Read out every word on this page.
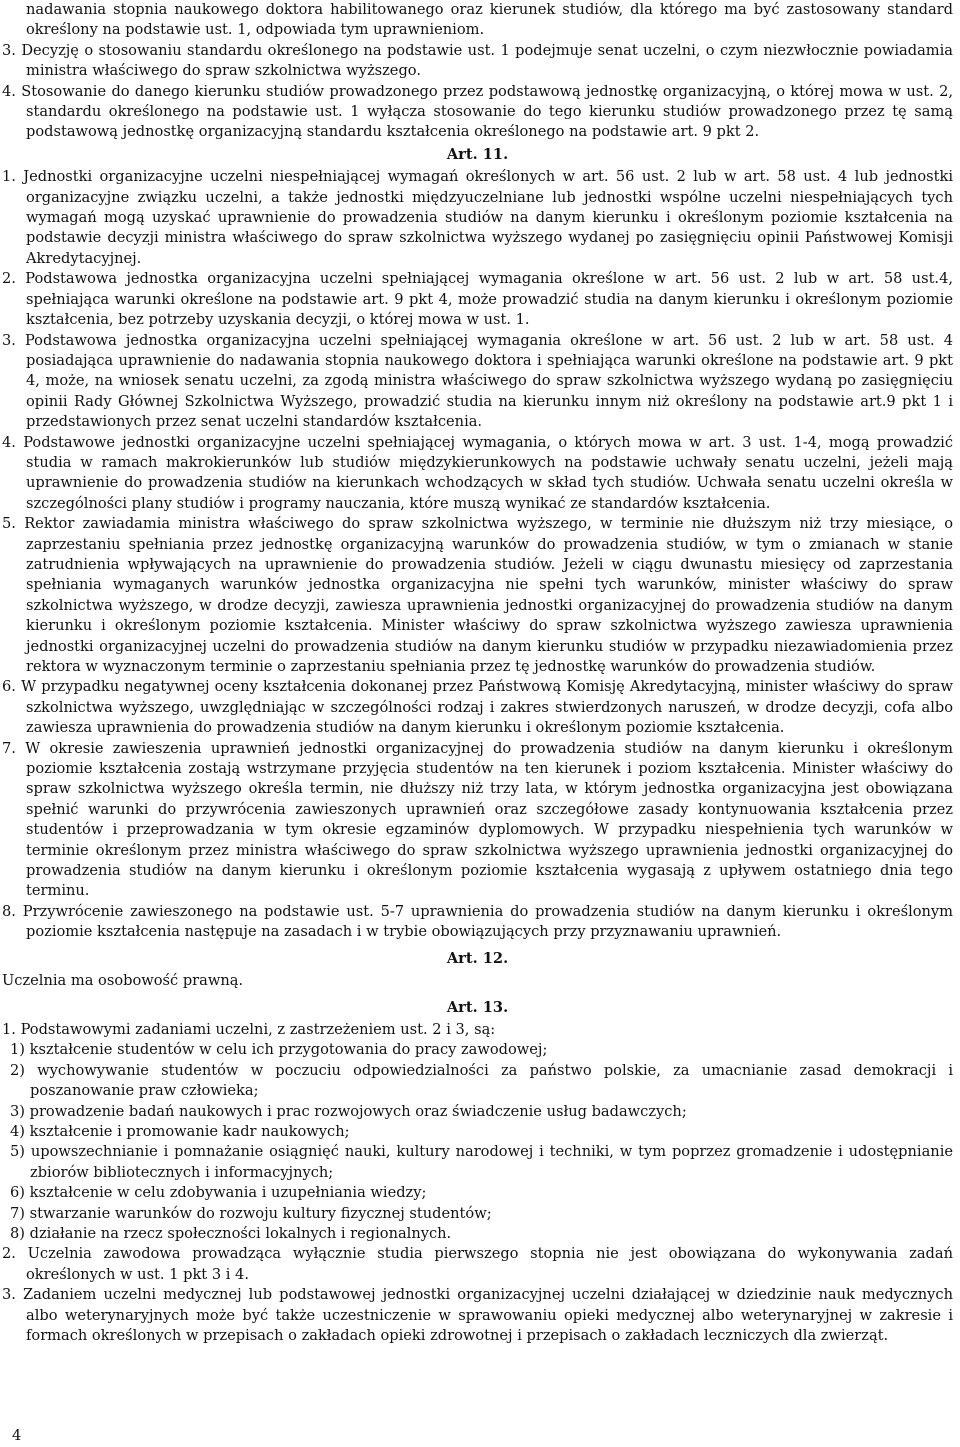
nadawania stopnia naukowego doktora habilitowanego oraz kierunek studiów, dla którego ma być zastosowany standard określony na podstawie ust. 1, odpowiada tym uprawnieniom.

3. Decyzję o stosowaniu standardu określonego na podstawie ust. 1 podejmuje senat uczelni, o czym niezwłocznie powiadamia ministra właściwego do spraw szkolnictwa wyższego.

4. Stosowanie do danego kierunku studiów prowadzonego przez podstawową jednostkę organizacyjną, o której mowa w ust. 2, standardu określonego na podstawie ust. 1 wyłącza stosowanie do tego kierunku studiów prowadzonego przez tę samą podstawową jednostkę organizacyjną standardu kształcenia określonego na podstawie art. 9 pkt 2.

Art. 11.

1. Jednostki organizacyjne uczelni niespełniającej wymagań określonych w art. 56 ust. 2 lub w art. 58 ust. 4 lub jednostki organizacyjne związku uczelni, a także jednostki międzyuczelniane lub jednostki wspólne uczelni niespełniających tych wymagań mogą uzyskać uprawnienie do prowadzenia studiów na danym kierunku i określonym poziomie kształcenia na podstawie decyzji ministra właściwego do spraw szkolnictwa wyższego wydanej po zasięgnięciu opinii Państwowej Komisji Akredytacyjnej.

2. Podstawowa jednostka organizacyjna uczelni spełniającej wymagania określone w art. 56 ust. 2 lub w art. 58 ust.4, spełniająca warunki określone na podstawie art. 9 pkt 4, może prowadzić studia na danym kierunku i określonym poziomie kształcenia, bez potrzeby uzyskania decyzji, o której mowa w ust. 1.

3. Podstawowa jednostka organizacyjna uczelni spełniającej wymagania określone w art. 56 ust. 2 lub w art. 58 ust. 4 posiadająca uprawnienie do nadawania stopnia naukowego doktora i spełniająca warunki określone na podstawie art. 9 pkt 4, może, na wniosek senatu uczelni, za zgodą ministra właściwego do spraw szkolnictwa wyższego wydaną po zasięgnięciu opinii Rady Głównej Szkolnictwa Wyższego, prowadzić studia na kierunku innym niż określony na podstawie art.9 pkt 1 i przedstawionych przez senat uczelni standardów kształcenia.

4. Podstawowe jednostki organizacyjne uczelni spełniającej wymagania, o których mowa w art. 3 ust. 1-4, mogą prowadzić studia w ramach makrokierunków lub studiów międzykierunkowych na podstawie uchwały senatu uczelni, jeżeli mają uprawnienie do prowadzenia studiów na kierunkach wchodzących w skład tych studiów. Uchwała senatu uczelni określa w szczególności plany studiów i programy nauczania, które muszą wynikać ze standardów kształcenia.

5. Rektor zawiadamia ministra właściwego do spraw szkolnictwa wyższego, w terminie nie dłuższym niż trzy miesiące, o zaprzestaniu spełniania przez jednostkę organizacyjną warunków do prowadzenia studiów, w tym o zmianach w stanie zatrudnienia wpływających na uprawnienie do prowadzenia studiów. Jeżeli w ciągu dwunastu miesięcy od zaprzestania spełniania wymaganych warunków jednostka organizacyjna nie spełni tych warunków, minister właściwy do spraw szkolnictwa wyższego, w drodze decyzji, zawiesza uprawnienia jednostki organizacyjnej do prowadzenia studiów na danym kierunku i określonym poziomie kształcenia. Minister właściwy do spraw szkolnictwa wyższego zawiesza uprawnienia jednostki organizacyjnej uczelni do prowadzenia studiów na danym kierunku studiów w przypadku niezawiadomienia przez rektora w wyznaczonym terminie o zaprzestaniu spełniania przez tę jednostkę warunków do prowadzenia studiów.

6. W przypadku negatywnej oceny kształcenia dokonanej przez Państwową Komisję Akredytacyjną, minister właściwy do spraw szkolnictwa wyższego, uwzględniając w szczególności rodzaj i zakres stwierdzonych naruszeń, w drodze decyzji, cofa albo zawiesza uprawnienia do prowadzenia studiów na danym kierunku i określonym poziomie kształcenia.

7. W okresie zawieszenia uprawnień jednostki organizacyjnej do prowadzenia studiów na danym kierunku i określonym poziomie kształcenia zostają wstrzymane przyjęcia studentów na ten kierunek i poziom kształcenia. Minister właściwy do spraw szkolnictwa wyższego określa termin, nie dłuższy niż trzy lata, w którym jednostka organizacyjna jest obowiązana spełnić warunki do przywrócenia zawieszonych uprawnień oraz szczegółowe zasady kontynuowania kształcenia przez studentów i przeprowadzania w tym okresie egzaminów dyplomowych. W przypadku niespełnienia tych warunków w terminie określonym przez ministra właściwego do spraw szkolnictwa wyższego uprawnienia jednostki organizacyjnej do prowadzenia studiów na danym kierunku i określonym poziomie kształcenia wygasają z upływem ostatniego dnia tego terminu.

8. Przywrócenie zawieszonego na podstawie ust. 5-7 uprawnienia do prowadzenia studiów na danym kierunku i określonym poziomie kształcenia następuje na zasadach i w trybie obowiązujących przy przyznawaniu uprawnień.

Art. 12.

Uczelnia ma osobowość prawną.

Art. 13.

1. Podstawowymi zadaniami uczelni, z zastrzeżeniem ust. 2 i 3, są:

1) kształcenie studentów w celu ich przygotowania do pracy zawodowej;

2) wychowywanie studentów w poczuciu odpowiedzialności za państwo polskie, za umacnianie zasad demokracji i poszanowanie praw człowieka;

3) prowadzenie badań naukowych i prac rozwojowych oraz świadczenie usług badawczych;

4) kształcenie i promowanie kadr naukowych;

5) upowszechnianie i pomnażanie osiągnięć nauki, kultury narodowej i techniki, w tym poprzez gromadzenie i udostępnianie zbiorów bibliotecznych i informacyjnych;

6) kształcenie w celu zdobywania i uzupełniania wiedzy;

7) stwarzanie warunków do rozwoju kultury fizycznej studentów;

8) działanie na rzecz społeczności lokalnych i regionalnych.

2. Uczelnia zawodowa prowadząca wyłącznie studia pierwszego stopnia nie jest obowiązana do wykonywania zadań określonych w ust. 1 pkt 3 i 4.

3. Zadaniem uczelni medycznej lub podstawowej jednostki organizacyjnej uczelni działającej w dziedzinie nauk medycznych albo weterynaryjnych może być także uczestniczenie w sprawowaniu opieki medycznej albo weterynaryjnej w zakresie i formach określonych w przepisach o zakładach opieki zdrowotnej i przepisach o zakładach leczniczych dla zwierząt.

4
